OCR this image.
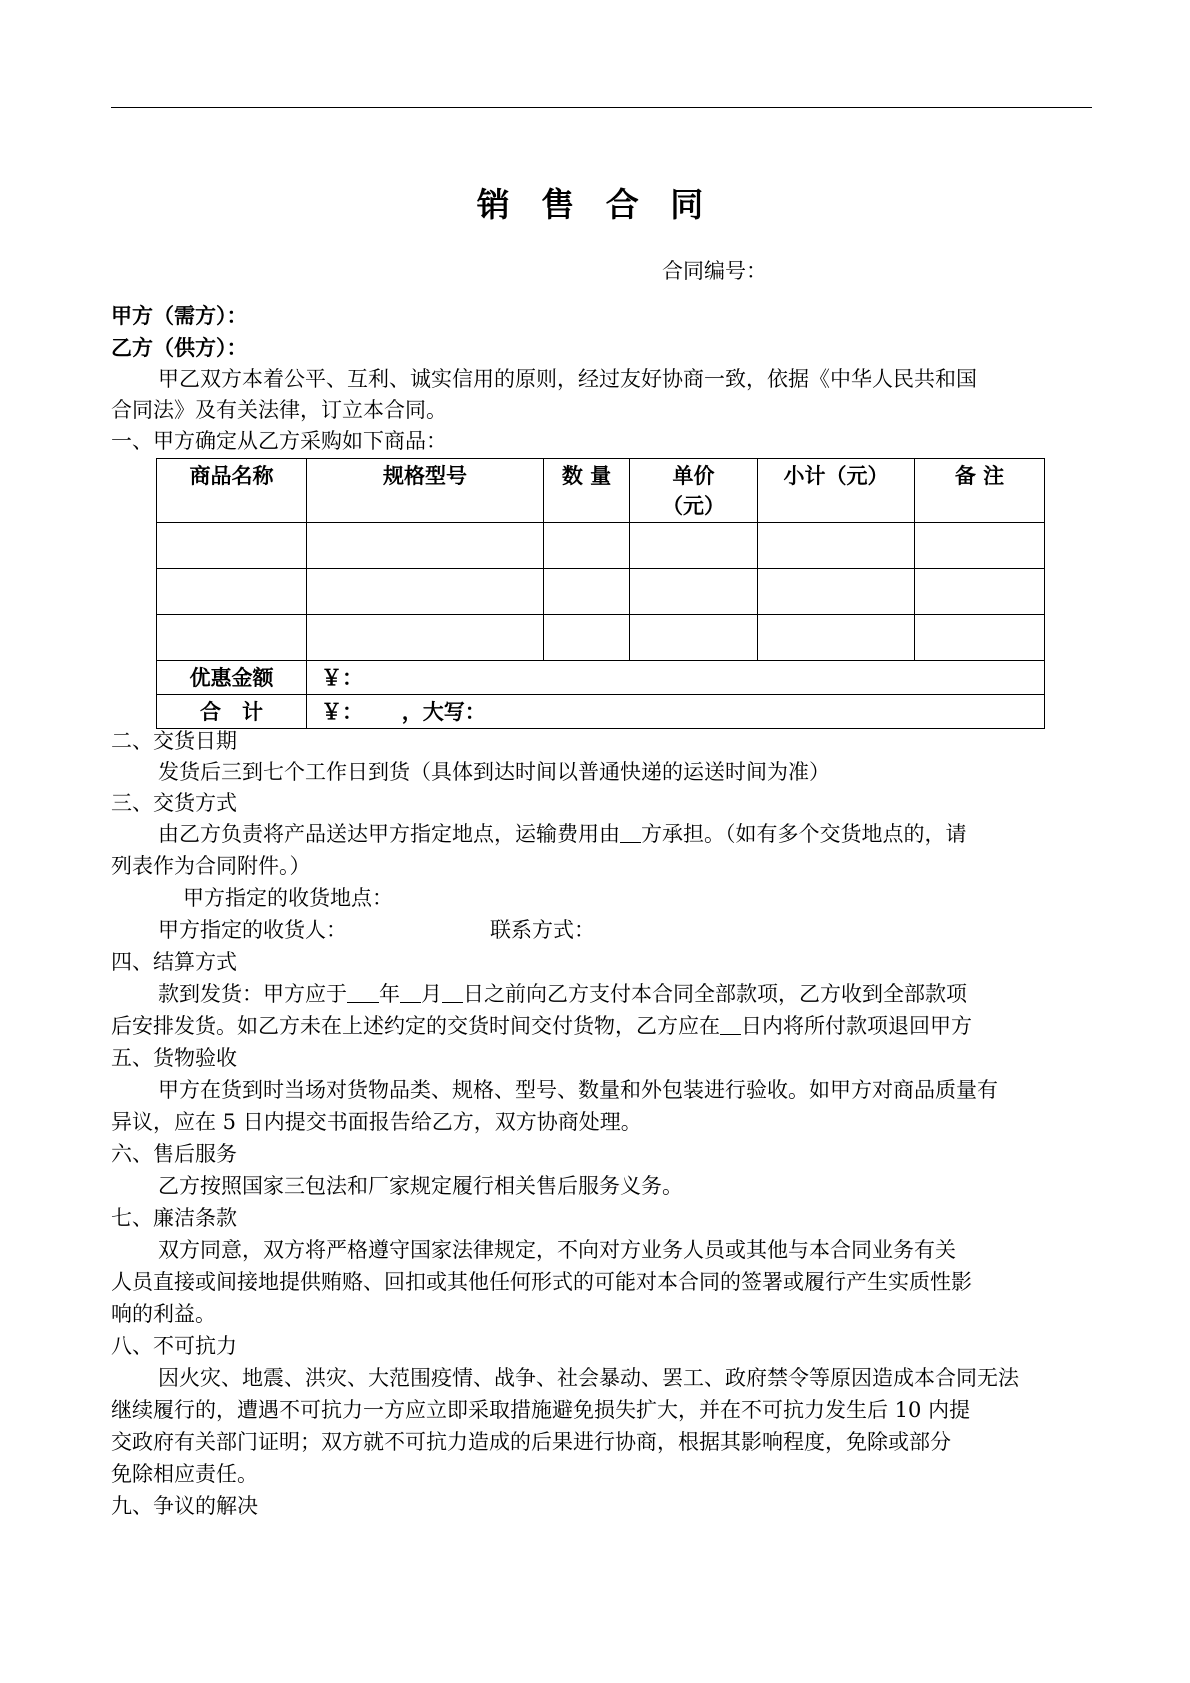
销 售 合 同
合同编号：
甲方（需方）：
乙方（供方）：
甲乙双方本着公平、互利、诚实信用的原则，经过友好协商一致，依据《中华人民共和国
合同法》及有关法律，订立本合同。
一、甲方确定从乙方采购如下商品：
商品名称	规格型号	数 量	单价（元）	小计（元）	备 注

优惠金额	￥：				
合　计	￥：　　 ，大写：				
二、交货日期
发货后三到七个工作日到货（具体到达时间以普通快递的运送时间为准）
三、交货方式
由乙方负责将产品送达甲方指定地点，运输费用由 方承担。（如有多个交货地点的，请
列表作为合同附件。）
甲方指定的收货地点：
甲方指定的收货人：	联系方式：
四、结算方式
款到发货：甲方应于 年 月 日之前向乙方支付本合同全部款项，乙方收到全部款项
后安排发货。如乙方未在上述约定的交货时间交付货物，乙方应在 日内将所付款项退回甲方
五、货物验收
甲方在货到时当场对货物品类、规格、型号、数量和外包装进行验收。如甲方对商品质量有
异议，应在 5 日内提交书面报告给乙方，双方协商处理。
六、售后服务
乙方按照国家三包法和厂家规定履行相关售后服务义务。
七、廉洁条款
双方同意，双方将严格遵守国家法律规定，不向对方业务人员或其他与本合同业务有关
人员直接或间接地提供贿赂、回扣或其他任何形式的可能对本合同的签署或履行产生实质性影
响的利益。
八、不可抗力
因火灾、地震、洪灾、大范围疫情、战争、社会暴动、罢工、政府禁令等原因造成本合同无法
继续履行的，遭遇不可抗力一方应立即采取措施避免损失扩大，并在不可抗力发生后 10 内提
交政府有关部门证明；双方就不可抗力造成的后果进行协商，根据其影响程度，免除或部分
免除相应责任。
九、争议的解决
